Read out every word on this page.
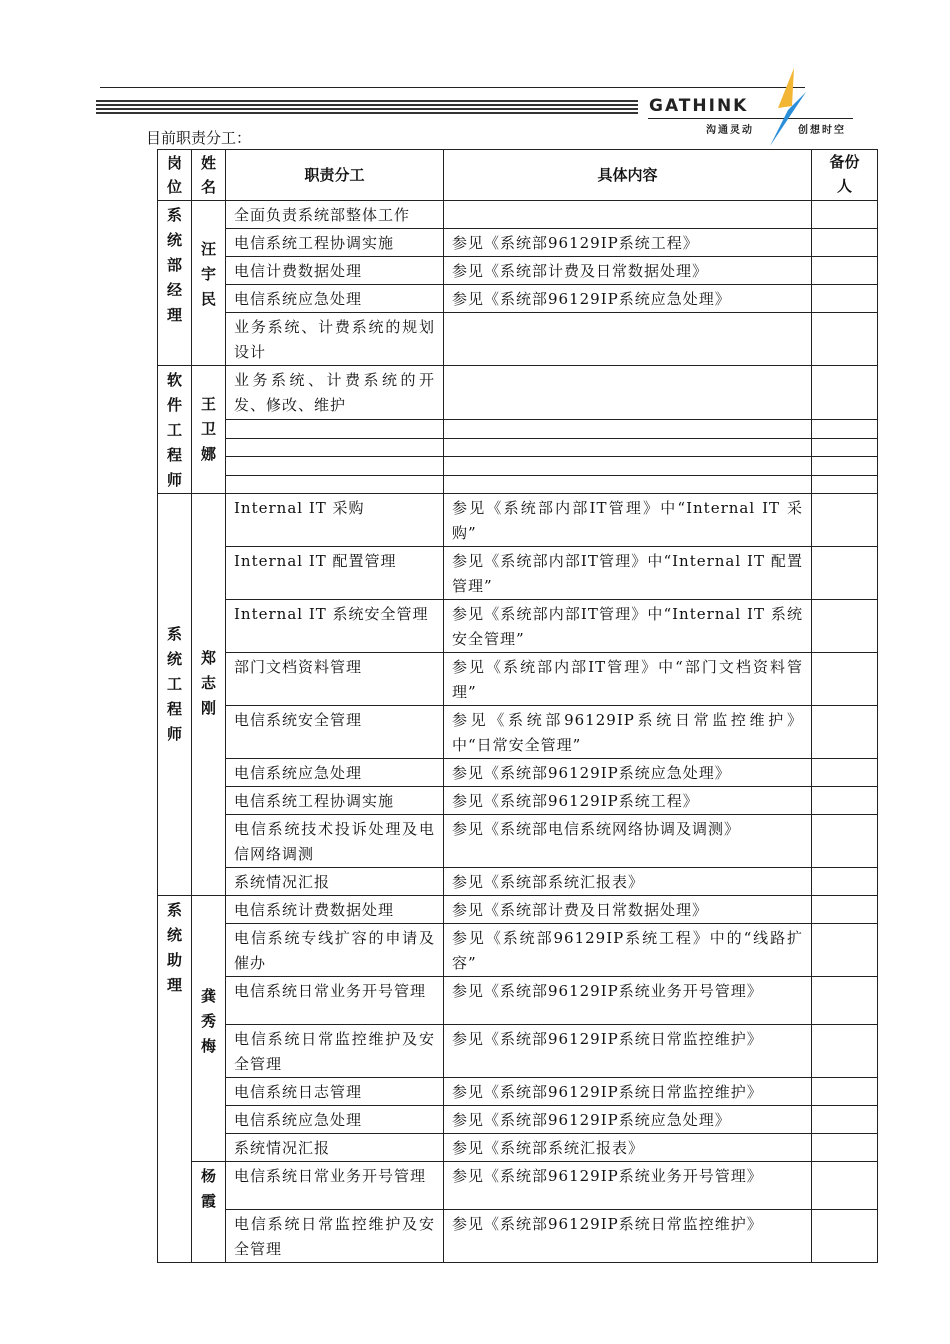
GATHINK
沟通灵动	创想时空
目前职责分工：
岗位	姓名	职责分工	具体内容	备份人
系统部经理	汪宇民	全面负责系统部整体工作		
		电信系统工程协调实施	参见《系统部96129IP系统工程》	
		电信计费数据处理	参见《系统部计费及日常数据处理》	
		电信系统应急处理	参见《系统部96129IP系统应急处理》	
		业务系统、计费系统的规划设计		
软件工程师	王卫娜	业务系统、计费系统的开发、修改、维护		

系统工程师	郑志刚	Internal IT 采购	参见《系统部内部IT管理》中“Internal IT 采购”	
		Internal IT 配置管理	参见《系统部内部IT管理》中“Internal IT 配置管理”	
		Internal IT 系统安全管理	参见《系统部内部IT管理》中“Internal IT 系统安全管理”	
		部门文档资料管理	参见《系统部内部IT管理》中“部门文档资料管理”	
		电信系统安全管理	参见《系统部96129IP系统日常监控维护》中“日常安全管理”	
		电信系统应急处理	参见《系统部96129IP系统应急处理》	
		电信系统工程协调实施	参见《系统部96129IP系统工程》	
		电信系统技术投诉处理及电信网络调测	参见《系统部电信系统网络协调及调测》	
		系统情况汇报	参见《系统部系统汇报表》	
系统助理	龚秀梅	电信系统计费数据处理	参见《系统部计费及日常数据处理》	
		电信系统专线扩容的申请及催办	参见《系统部96129IP系统工程》中的“线路扩容”	
		电信系统日常业务开号管理	参见《系统部96129IP系统业务开号管理》	
		电信系统日常监控维护及安全管理	参见《系统部96129IP系统日常监控维护》	
		电信系统日志管理	参见《系统部96129IP系统日常监控维护》	
		电信系统应急处理	参见《系统部96129IP系统应急处理》	
		系统情况汇报	参见《系统部系统汇报表》	
	杨霞	电信系统日常业务开号管理	参见《系统部96129IP系统业务开号管理》	
		电信系统日常监控维护及安全管理	参见《系统部96129IP系统日常监控维护》	
